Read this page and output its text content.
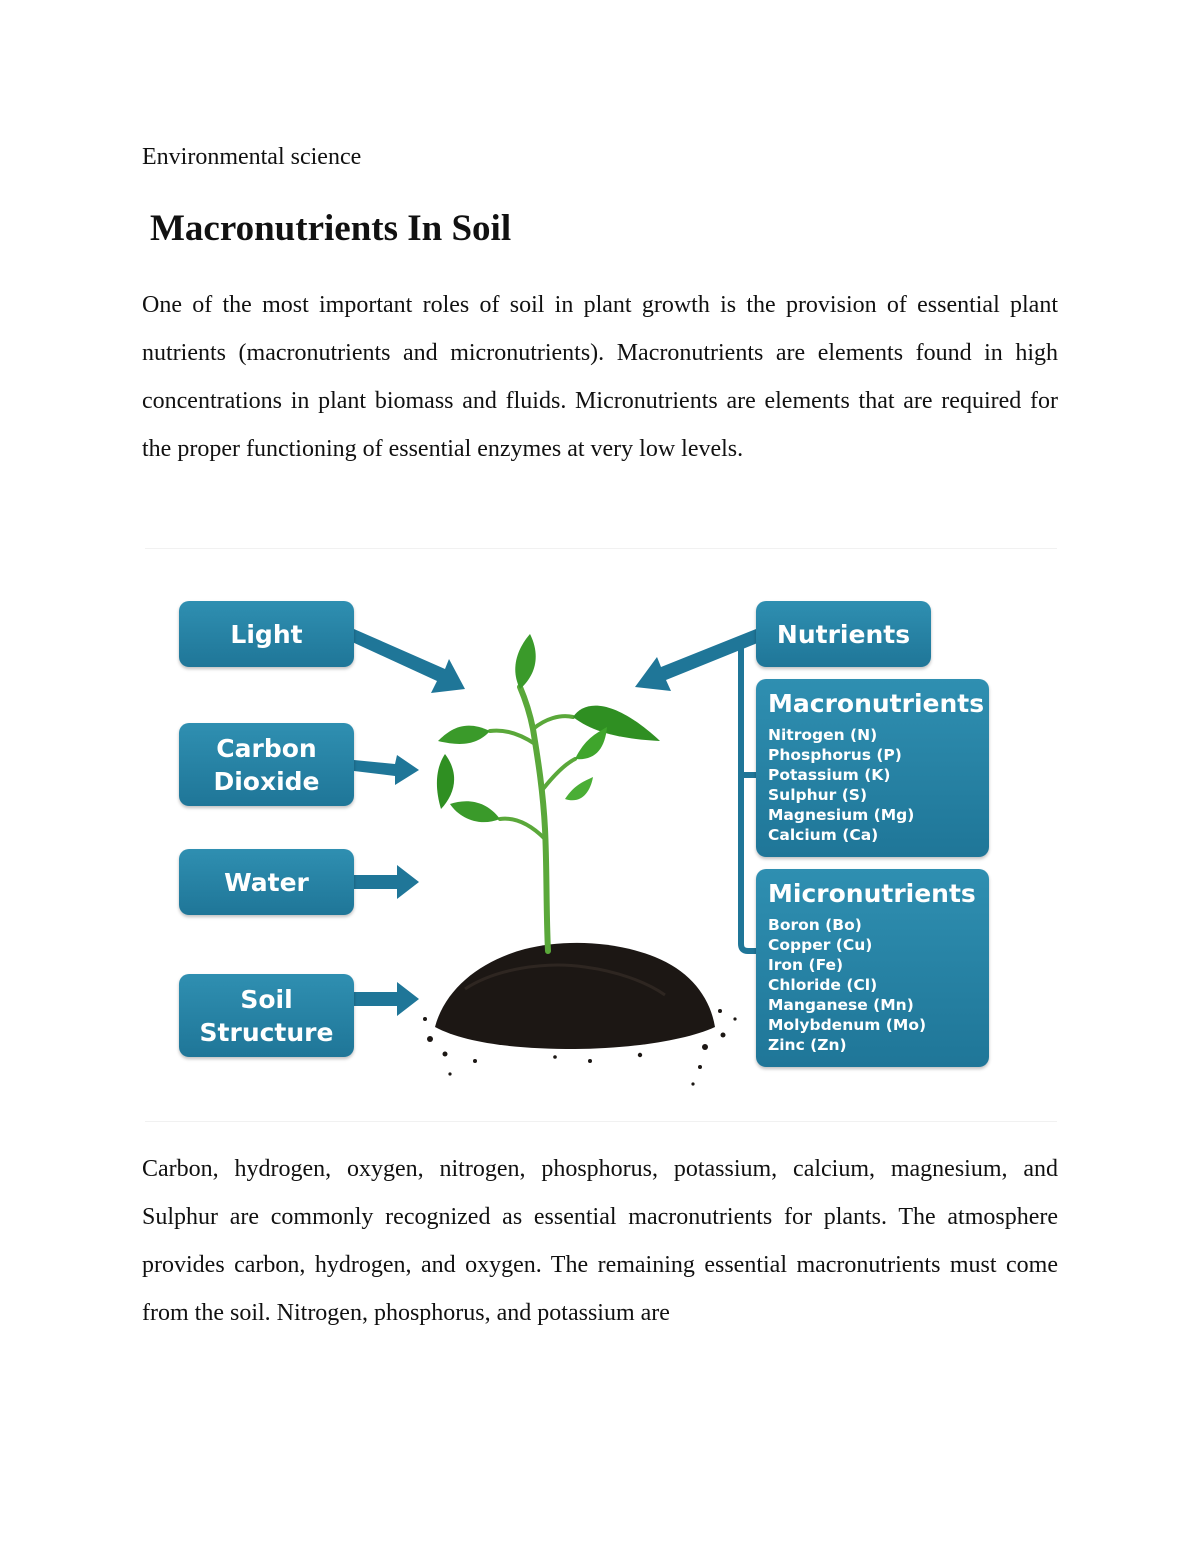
Environmental science
Macronutrients In Soil

One of the most important roles of soil in plant growth is the provision of essential plant nutrients (macronutrients and micronutrients). Macronutrients are elements found in high concentrations in plant biomass and fluids. Micronutrients are elements that are required for the proper functioning of essential enzymes at very low levels.

Light
Carbon
Dioxide
Water
Soil
Structure
Nutrients
Macronutrients
Nitrogen (N)
Phosphorus (P)
Potassium (K)
Sulphur (S)
Magnesium (Mg)
Calcium (Ca)
Micronutrients
Boron (Bo)
Copper (Cu)
Iron (Fe)
Chloride (Cl)
Manganese (Mn)
Molybdenum (Mo)
Zinc (Zn)

Carbon, hydrogen, oxygen, nitrogen, phosphorus, potassium, calcium, magnesium, and Sulphur are commonly recognized as essential macronutrients for plants. The atmosphere provides carbon, hydrogen, and oxygen. The remaining essential macronutrients must come from the soil. Nitrogen, phosphorus, and potassium are
